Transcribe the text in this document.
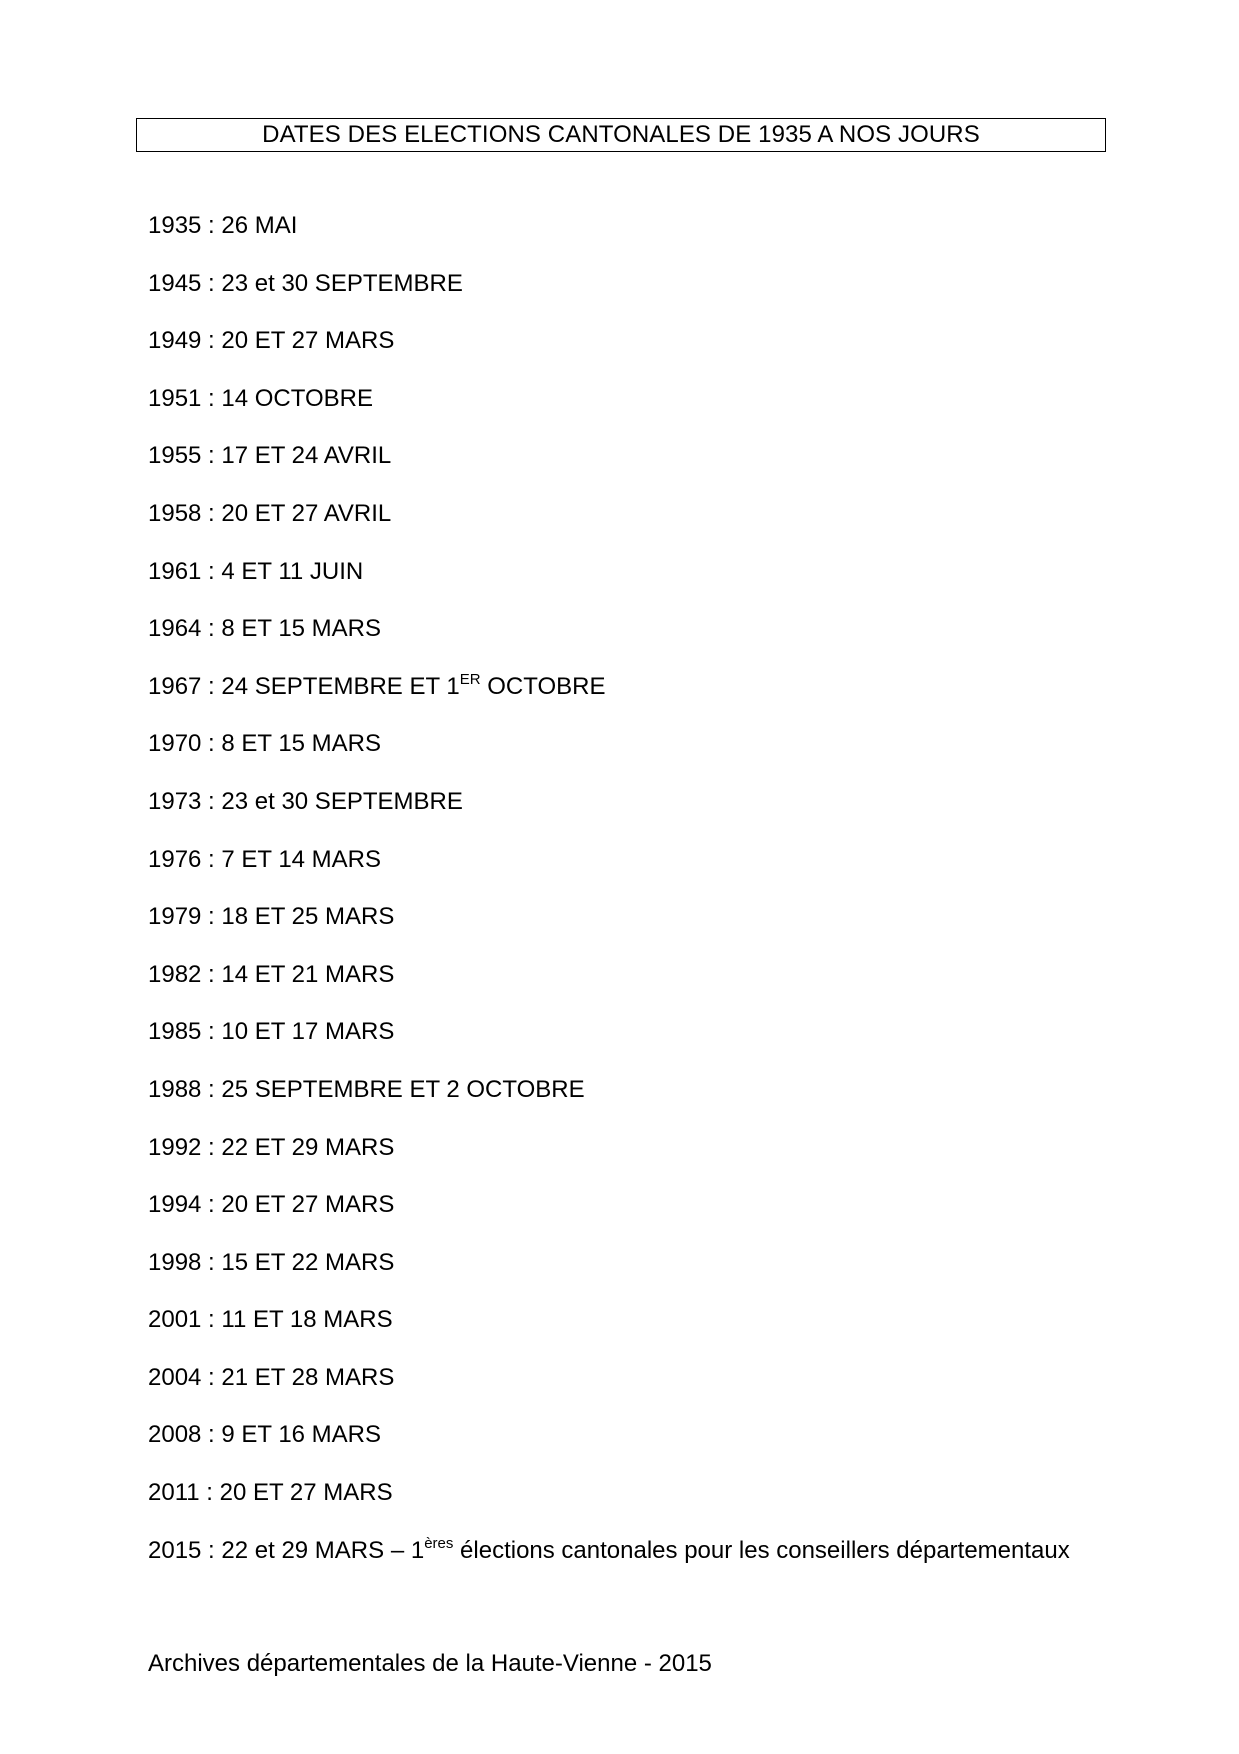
DATES DES ELECTIONS CANTONALES DE 1935 A NOS JOURS
1935 : 26 MAI
1945 : 23 et 30 SEPTEMBRE
1949 : 20 ET 27 MARS
1951 : 14 OCTOBRE
1955 : 17 ET 24 AVRIL
1958 : 20 ET 27 AVRIL
1961 : 4 ET 11 JUIN
1964 : 8 ET 15 MARS
1967 : 24 SEPTEMBRE ET 1ER OCTOBRE
1970 : 8 ET 15 MARS
1973 : 23 et 30 SEPTEMBRE
1976 : 7 ET 14 MARS
1979 : 18 ET 25 MARS
1982 : 14 ET 21 MARS
1985 : 10 ET 17 MARS
1988 : 25 SEPTEMBRE ET 2 OCTOBRE
1992 : 22 ET 29 MARS
1994 : 20 ET 27 MARS
1998 : 15 ET 22 MARS
2001 : 11 ET 18 MARS
2004 : 21 ET 28 MARS
2008 : 9 ET 16 MARS
2011 : 20 ET 27 MARS
2015 : 22 et 29 MARS – 1ères élections cantonales pour les conseillers départementaux
Archives départementales de la Haute-Vienne - 2015
